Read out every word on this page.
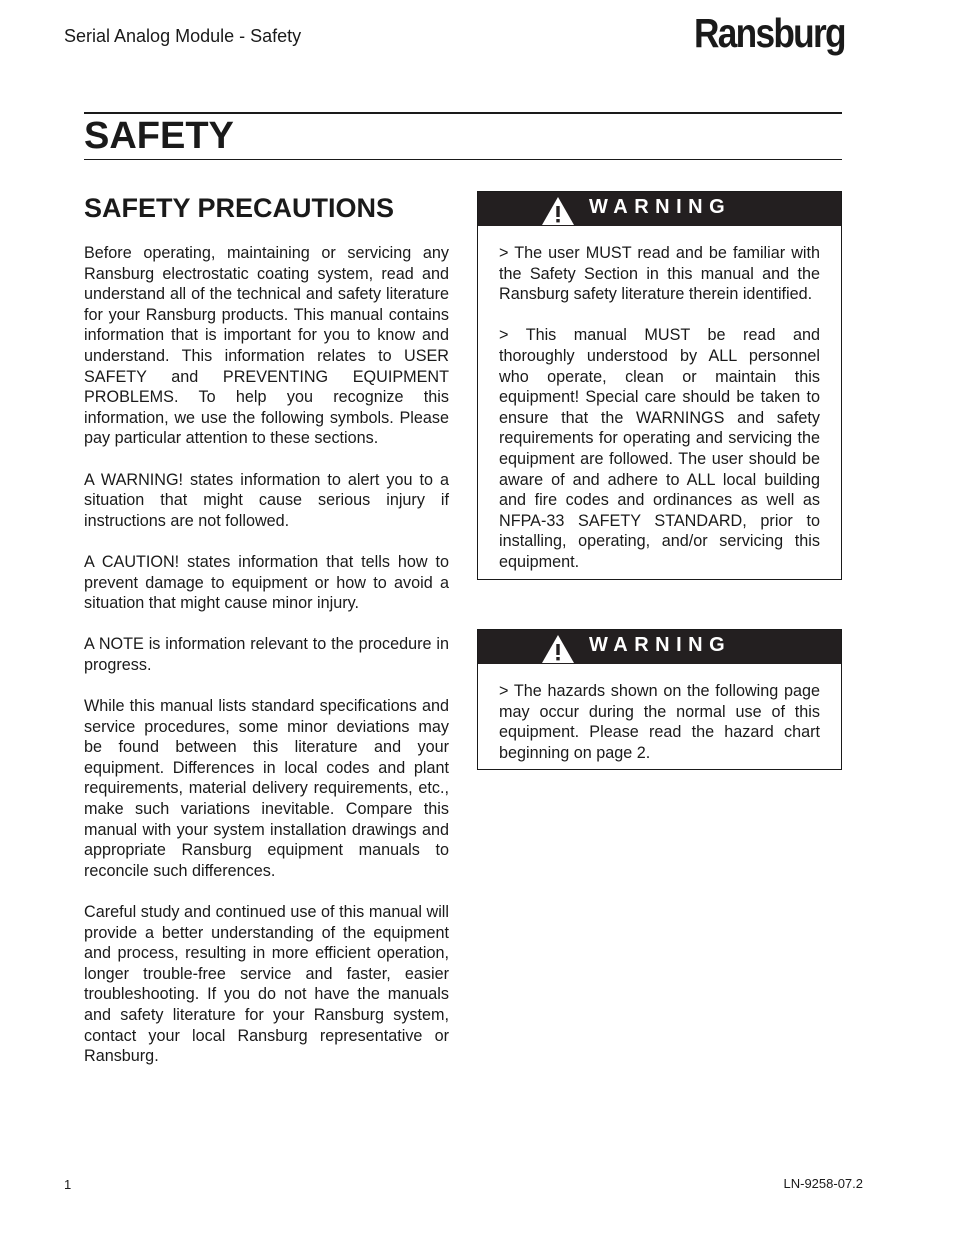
Serial Analog Module - Safety	Ransburg
SAFETY
SAFETY PRECAUTIONS

Before operating, maintaining or servicing any Ransburg electrostatic coating system, read and understand all of the technical and safety literature for your Ransburg products. This manual contains information that is important for you to know and understand. This information relates to USER SAFETY and PREVENTING EQUIPMENT PROBLEMS. To help you recognize this information, we use the following symbols. Please pay particular attention to these sections.

A WARNING! states information to alert you to a situation that might cause serious injury if instructions are not followed.

A CAUTION! states information that tells how to prevent damage to equipment or how to avoid a situation that might cause minor injury.

A NOTE is information relevant to the procedure in progress.

While this manual lists standard specifications and service procedures, some minor deviations may be found between this literature and your equipment. Differences in local codes and plant requirements, material delivery requirements, etc., make such variations inevitable. Compare this manual with your system installation drawings and appropriate Ransburg equipment manuals to reconcile such differences.

Careful study and continued use of this manual will provide a better understanding of the equipment and process, resulting in more efficient operation, longer trouble-free service and faster, easier troubleshooting. If you do not have the manuals and safety literature for your Ransburg system, contact your local Ransburg representative or Ransburg.

WARNING

> The user MUST read and be familiar with the Safety Section in this manual and the Ransburg safety literature therein identified.

> This manual MUST be read and thoroughly understood by ALL personnel who operate, clean or maintain this equipment! Special care should be taken to ensure that the WARNINGS and safety requirements for operating and servicing the equipment are followed. The user should be aware of and adhere to ALL local building and fire codes and ordinances as well as NFPA-33 SAFETY STANDARD, prior to installing, operating, and/or servicing this equipment.

WARNING

> The hazards shown on the following page may occur during the normal use of this equipment. Please read the hazard chart beginning on page 2.

1	LN-9258-07.2
